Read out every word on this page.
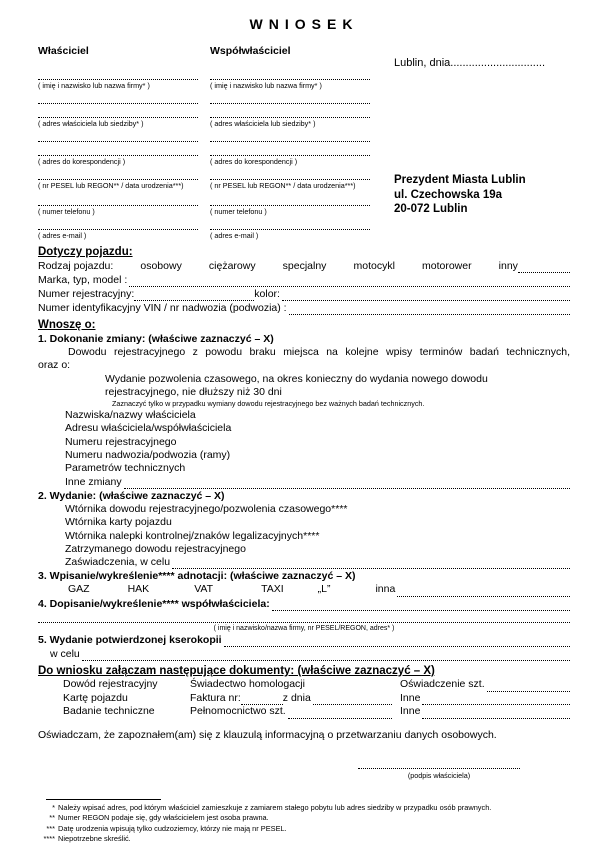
WNIOSEK
Właściciel
( imię i nazwisko lub nazwa firmy* )
( adres właściciela lub siedziby* )
( adres do korespondencji )
( nr PESEL lub REGON** / data urodzenia***)
( numer telefonu )
( adres e-mail )
Współwłaściciel
( imię i nazwisko lub nazwa firmy* )
( adres właściciela lub siedziby* )
( adres do korespondencji )
( nr PESEL lub REGON** / data urodzenia***)
( numer telefonu )
( adres e-mail )
Lublin, dnia...............................
Prezydent Miasta Lublin
ul. Czechowska 19a
20-072 Lublin
Dotyczy pojazdu:
Rodzaj pojazdu:	osobowy	ciężarowy	specjalny	motocykl	motorower	inny
Marka, typ, model :
Numer rejestracyjny:	kolor:
Numer identyfikacyjny VIN / nr nadwozia (podwozia) :
Wnoszę o:
1. Dokonanie zmiany: (właściwe zaznaczyć – X)
Dowodu rejestracyjnego z powodu braku miejsca na kolejne wpisy terminów badań technicznych,
oraz o:
Wydanie pozwolenia czasowego, na okres konieczny do wydania nowego dowodu rejestracyjnego, nie dłuższy niż 30 dni
Zaznaczyć tylko w przypadku wymiany dowodu rejestracyjnego bez ważnych badań technicznych.
Nazwiska/nazwy właściciela
Adresu właściciela/współwłaściciela
Numeru rejestracyjnego
Numeru nadwozia/podwozia (ramy)
Parametrów technicznych
Inne zmiany
2. Wydanie: (właściwe zaznaczyć – X)
Wtórnika dowodu rejestracyjnego/pozwolenia czasowego****
Wtórnika karty pojazdu
Wtórnika nalepki kontrolnej/znaków legalizacyjnych****
Zatrzymanego dowodu rejestracyjnego
Zaświadczenia, w celu
3. Wpisanie/wykreślenie**** adnotacji: (właściwe zaznaczyć – X)
GAZ	HAK	VAT	TAXI	„L”	inna
4. Dopisanie/wykreślenie**** współwłaściciela:
( imię i nazwisko/nazwa firmy, nr PESEL/REGON, adres* )
5. Wydanie potwierdzonej kserokopii
w celu
Do wniosku załączam następujące dokumenty: (właściwe zaznaczyć – X)
Dowód rejestracyjny	Świadectwo homologacji	Oświadczenie szt.
Kartę pojazdu	Faktura nr:	z dnia	Inne
Badanie techniczne	Pełnomocnictwo szt.	Inne
Oświadczam, że zapoznałem(am) się z klauzulą informacyjną o przetwarzaniu danych osobowych.
(podpis właściciela)
* Należy wpisać adres, pod którym właściciel zamieszkuje z zamiarem stałego pobytu lub adres siedziby w przypadku osób prawnych.
** Numer REGON podaje się, gdy właścicielem jest osoba prawna.
*** Datę urodzenia wpisują tylko cudzoziemcy, którzy nie mają nr PESEL.
**** Niepotrzebne skreślić.
